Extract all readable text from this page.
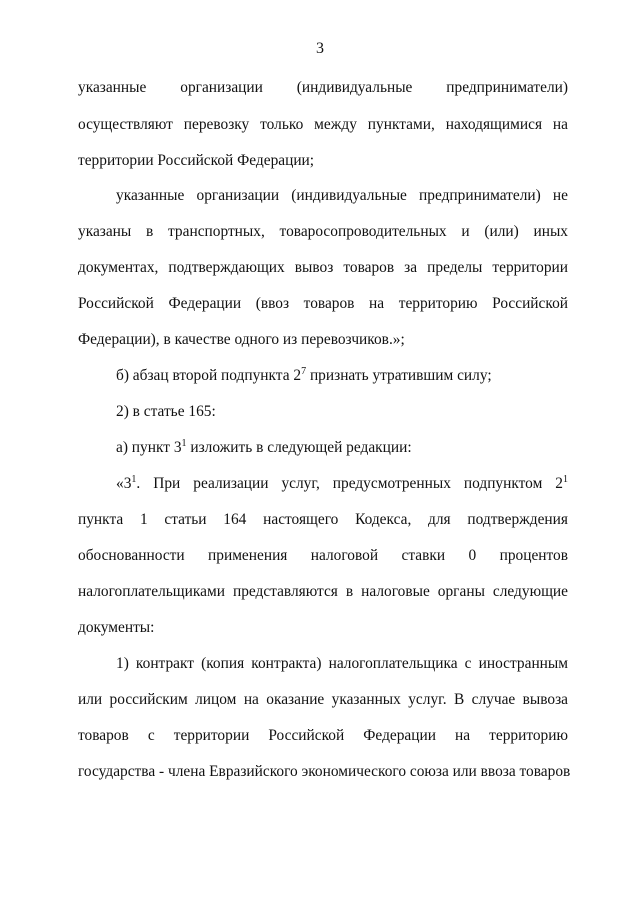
3
указанные организации (индивидуальные предприниматели)
осуществляют перевозку только между пунктами, находящимися на
территории Российской Федерации;
указанные организации (индивидуальные предприниматели) не
указаны в транспортных, товаросопроводительных и (или) иных
документах, подтверждающих вывоз товаров за пределы территории
Российской Федерации (ввоз товаров на территорию Российской
Федерации), в качестве одного из перевозчиков.»;
б) абзац второй подпункта $2^7$ признать утратившим силу;
2) в статье 165:
а) пункт $3^1$ изложить в следующей редакции:
«$3^1$. При реализации услуг, предусмотренных подпунктом $2^1$
пункта 1 статьи 164 настоящего Кодекса, для подтверждения
обоснованности применения налоговой ставки 0 процентов
налогоплательщиками представляются в налоговые органы следующие
документы:
1) контракт (копия контракта) налогоплательщика с иностранным
или российским лицом на оказание указанных услуг. В случае вывоза
товаров с территории Российской Федерации на территорию
государства - члена Евразийского экономического союза или ввоза товаров
